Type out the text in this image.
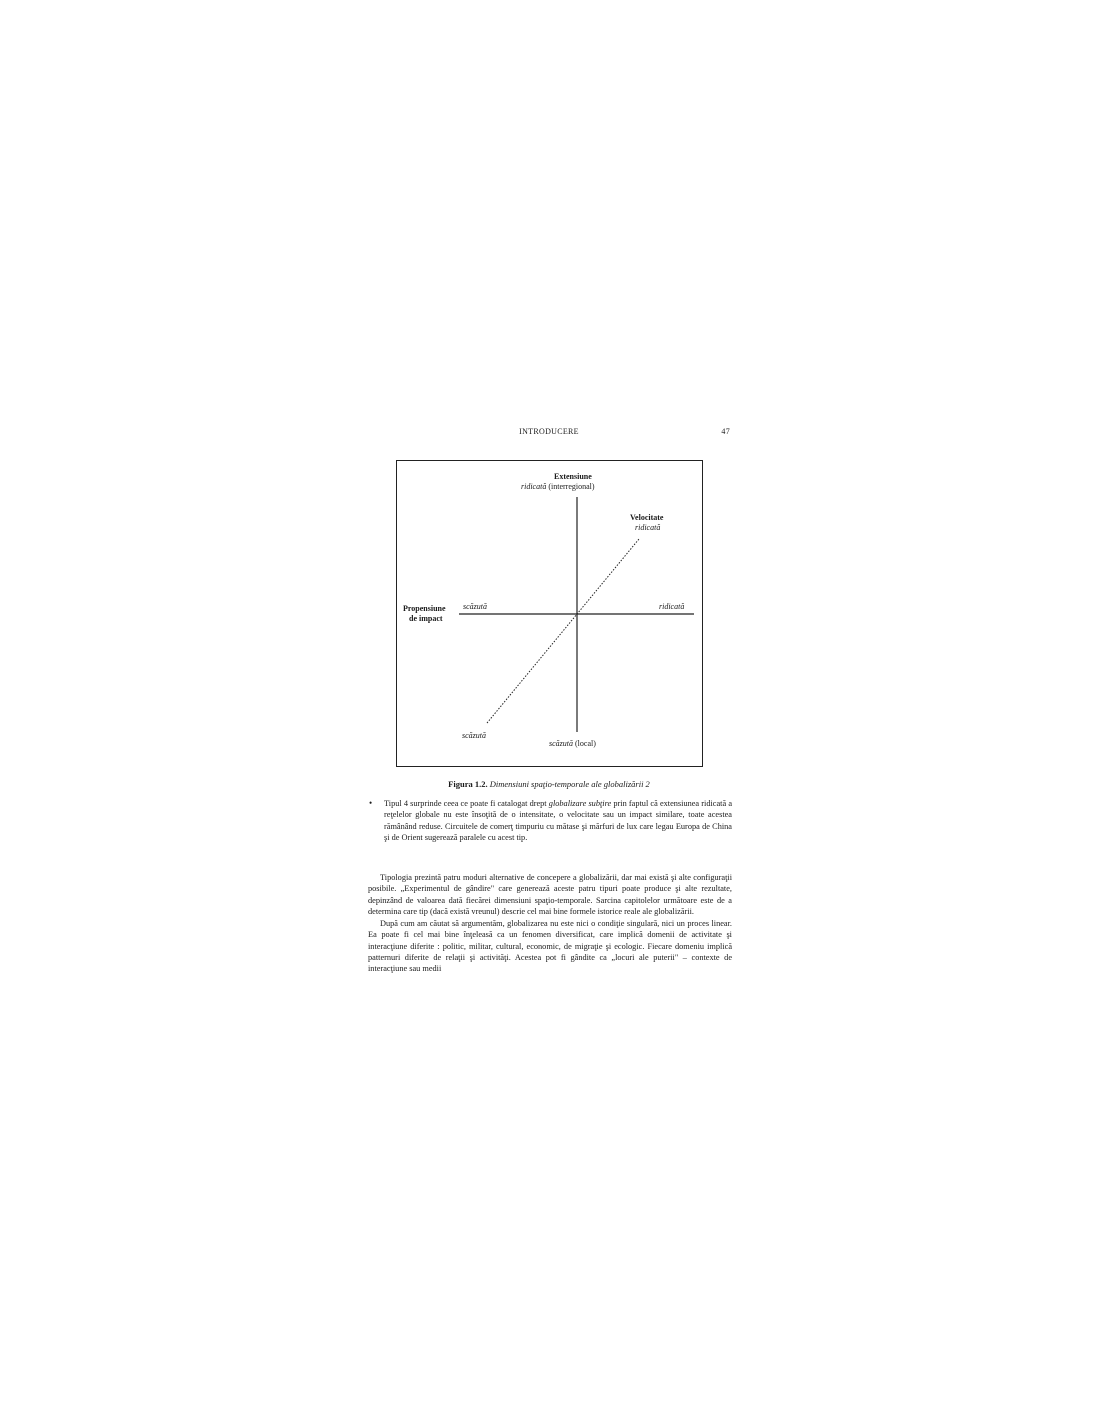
INTRODUCERE	47
Extensiune
ridicată (interregional)
Velocitate
ridicată
Propensiune
de impact
scăzută	ridicată
scăzută
scăzută (local)
Figura 1.2. Dimensiuni spaţio-temporale ale globalizării 2
• Tipul 4 surprinde ceea ce poate fi catalogat drept globalizare subţire prin faptul că extensiunea ridicată a reţelelor globale nu este însoţită de o intensitate, o velocitate sau un impact similare, toate acestea rămânând reduse. Circuitele de comerţ timpuriu cu mătase şi mărfuri de lux care legau Europa de China şi de Orient sugerează paralele cu acest tip.

Tipologia prezintă patru moduri alternative de concepere a globalizării, dar mai există şi alte configuraţii posibile. „Experimentul de gândire" care generează aceste patru tipuri poate produce şi alte rezultate, depinzând de valoarea dată fiecărei dimensiuni spaţio-temporale. Sarcina capitolelor următoare este de a determina care tip (dacă există vreunul) descrie cel mai bine formele istorice reale ale globalizării.

După cum am căutat să argumentăm, globalizarea nu este nici o condiţie singulară, nici un proces linear. Ea poate fi cel mai bine înţeleasă ca un fenomen diversificat, care implică domenii de activitate şi interacţiune diferite : politic, militar, cultural, economic, de migraţie şi ecologic. Fiecare domeniu implică patternuri diferite de relaţii şi activităţi. Acestea pot fi gândite ca „locuri ale puterii" – contexte de interacţiune sau medii
